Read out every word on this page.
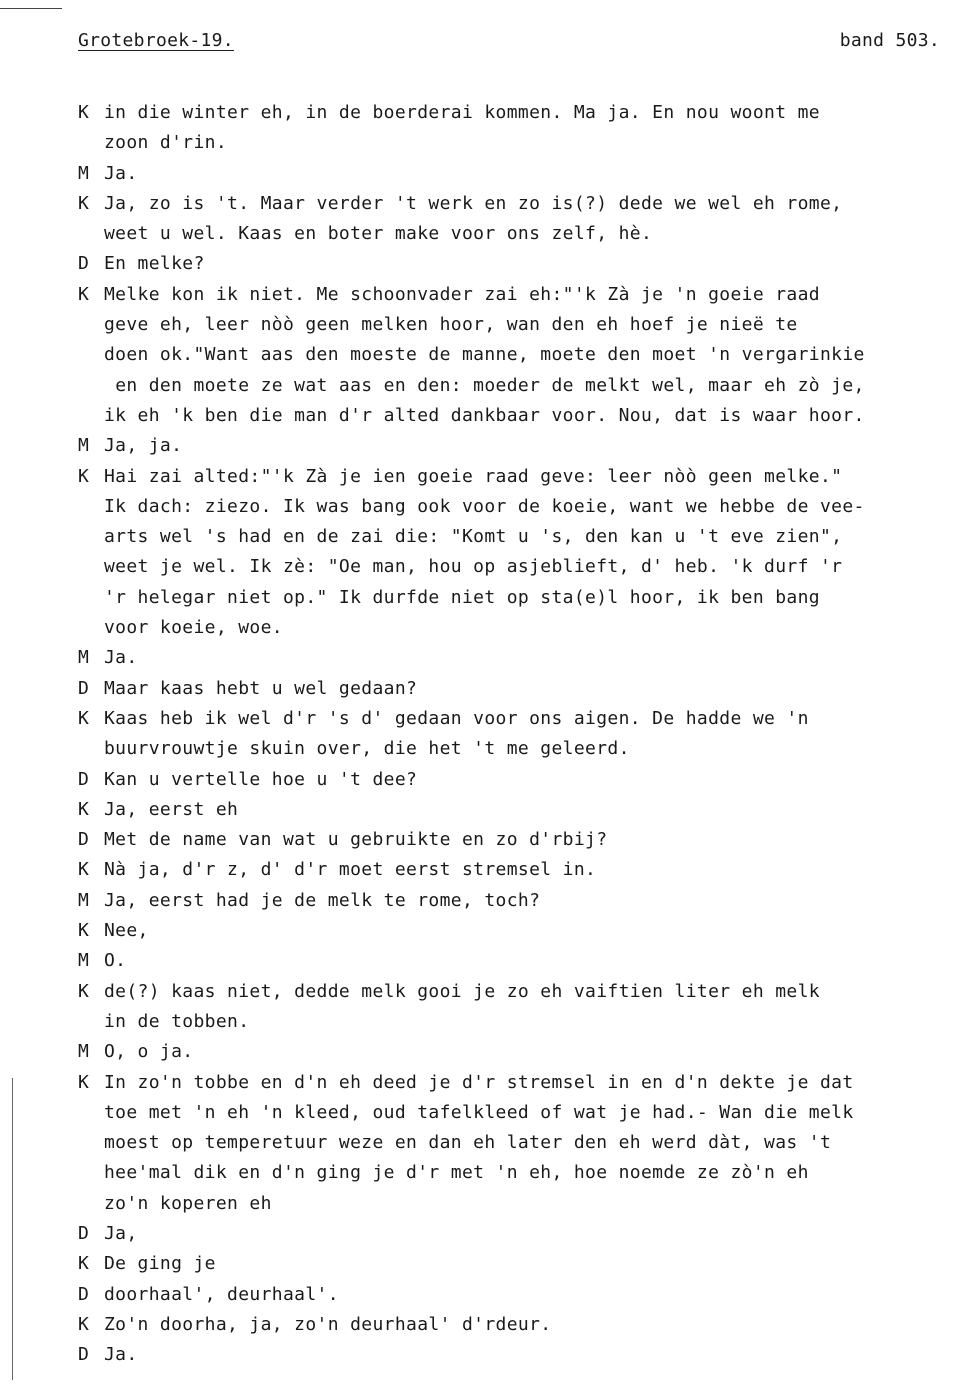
Grotebroek-19.	band 503.
K in die winter eh, in de boerderai kommen. Ma ja. En nou woont me
zoon d'rin.
M Ja.
K Ja, zo is 't. Maar verder 't werk en zo is(?) dede we wel eh rome,
weet u wel. Kaas en boter make voor ons zelf, hè.
D En melke?
K Melke kon ik niet. Me schoonvader zai eh:"'k Zà je 'n goeie raad
geve eh, leer nòò geen melken hoor, wan den eh hoef je nieë te
doen ok."Want aas den moeste de manne, moete den moet 'n vergarinkie
en den moete ze wat aas en den: moeder de melkt wel, maar eh zò je,
ik eh 'k ben die man d'r alted dankbaar voor. Nou, dat is waar hoor.
M Ja, ja.
K Hai zai alted:"'k Zà je ien goeie raad geve: leer nòò geen melke."
Ik dach: ziezo. Ik was bang ook voor de koeie, want we hebbe de vee-
arts wel 's had en de zai die: "Komt u 's, den kan u 't eve zien",
weet je wel. Ik zè: "Oe man, hou op asjeblieft, d' heb. 'k durf 'r
'r helegar niet op." Ik durfde niet op sta(e)l hoor, ik ben bang
voor koeie, woe.
M Ja.
D Maar kaas hebt u wel gedaan?
K Kaas heb ik wel d'r 's d' gedaan voor ons aigen. De hadde we 'n
buurvrouwtje skuin over, die het 't me geleerd.
D Kan u vertelle hoe u 't dee?
K Ja, eerst eh
D Met de name van wat u gebruikte en zo d'rbij?
K Nà ja, d'r z, d' d'r moet eerst stremsel in.
M Ja, eerst had je de melk te rome, toch?
K Nee,
M O.
K de(?) kaas niet, dedde melk gooi je zo eh vaiftien liter eh melk
in de tobben.
M O, o ja.
K In zo'n tobbe en d'n eh deed je d'r stremsel in en d'n dekte je dat
toe met 'n eh 'n kleed, oud tafelkleed of wat je had.- Wan die melk
moest op temperetuur weze en dan eh later den eh werd dàt, was 't
hee'mal dik en d'n ging je d'r met 'n eh, hoe noemde ze zò'n eh
zo'n koperen eh
D Ja,
K De ging je
D doorhaal', deurhaal'.
K Zo'n doorha, ja, zo'n deurhaal' d'rdeur.
D Ja.
